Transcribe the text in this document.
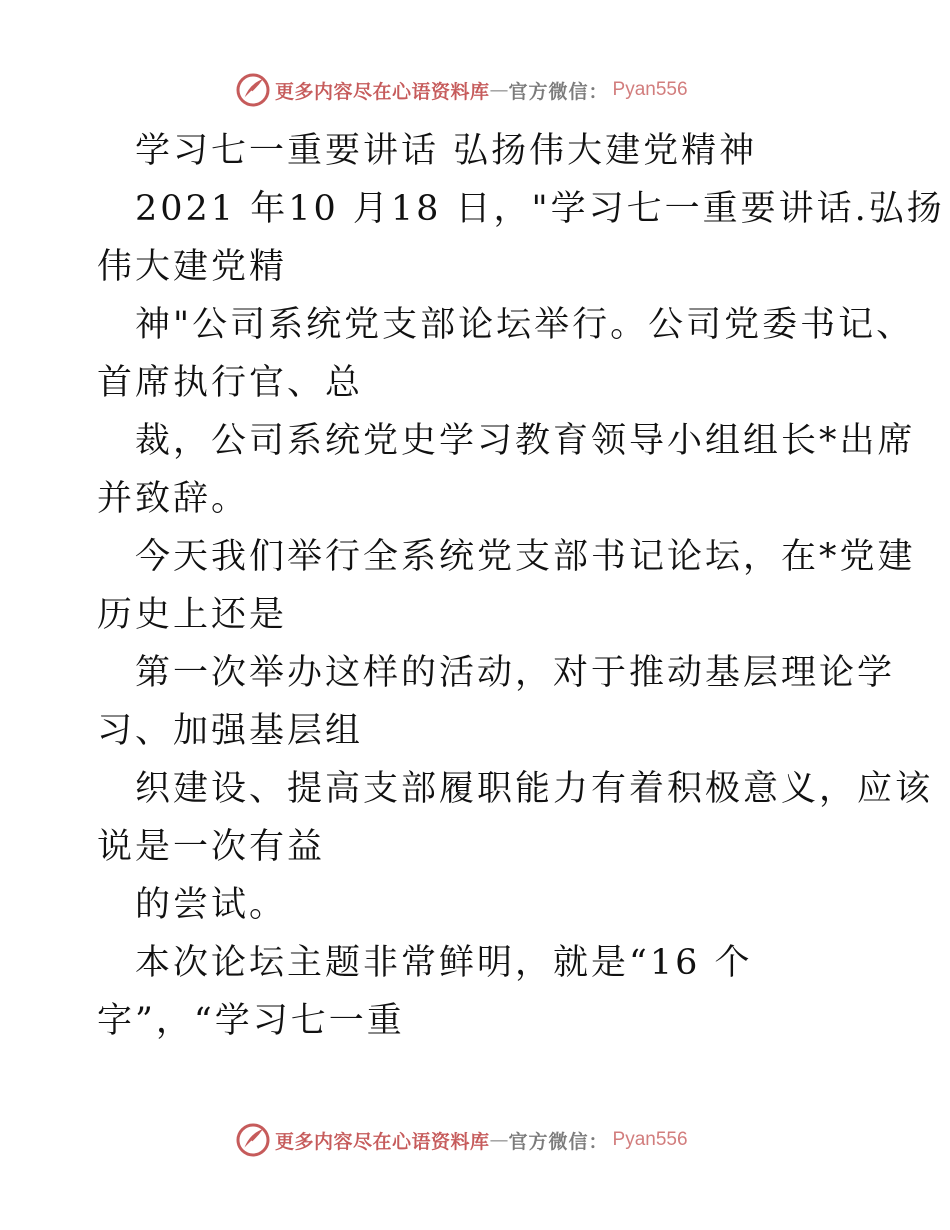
更多内容尽在心语资料库 — 官方微信： Pyan556
学习七一重要讲话 弘扬伟大建党精神
2021 年10 月18 日，"学习七一重要讲话.弘扬
伟大建党精
神"公司系统党支部论坛举行。公司党委书记、
首席执行官、总
裁，公司系统党史学习教育领导小组组长*出席
并致辞。
今天我们举行全系统党支部书记论坛，在*党建
历史上还是
第一次举办这样的活动，对于推动基层理论学
习、加强基层组
织建设、提高支部履职能力有着积极意义，应该
说是一次有益
的尝试。
本次论坛主题非常鲜明，就是“16 个
字”，“学习七一重
更多内容尽在心语资料库 — 官方微信： Pyan556
